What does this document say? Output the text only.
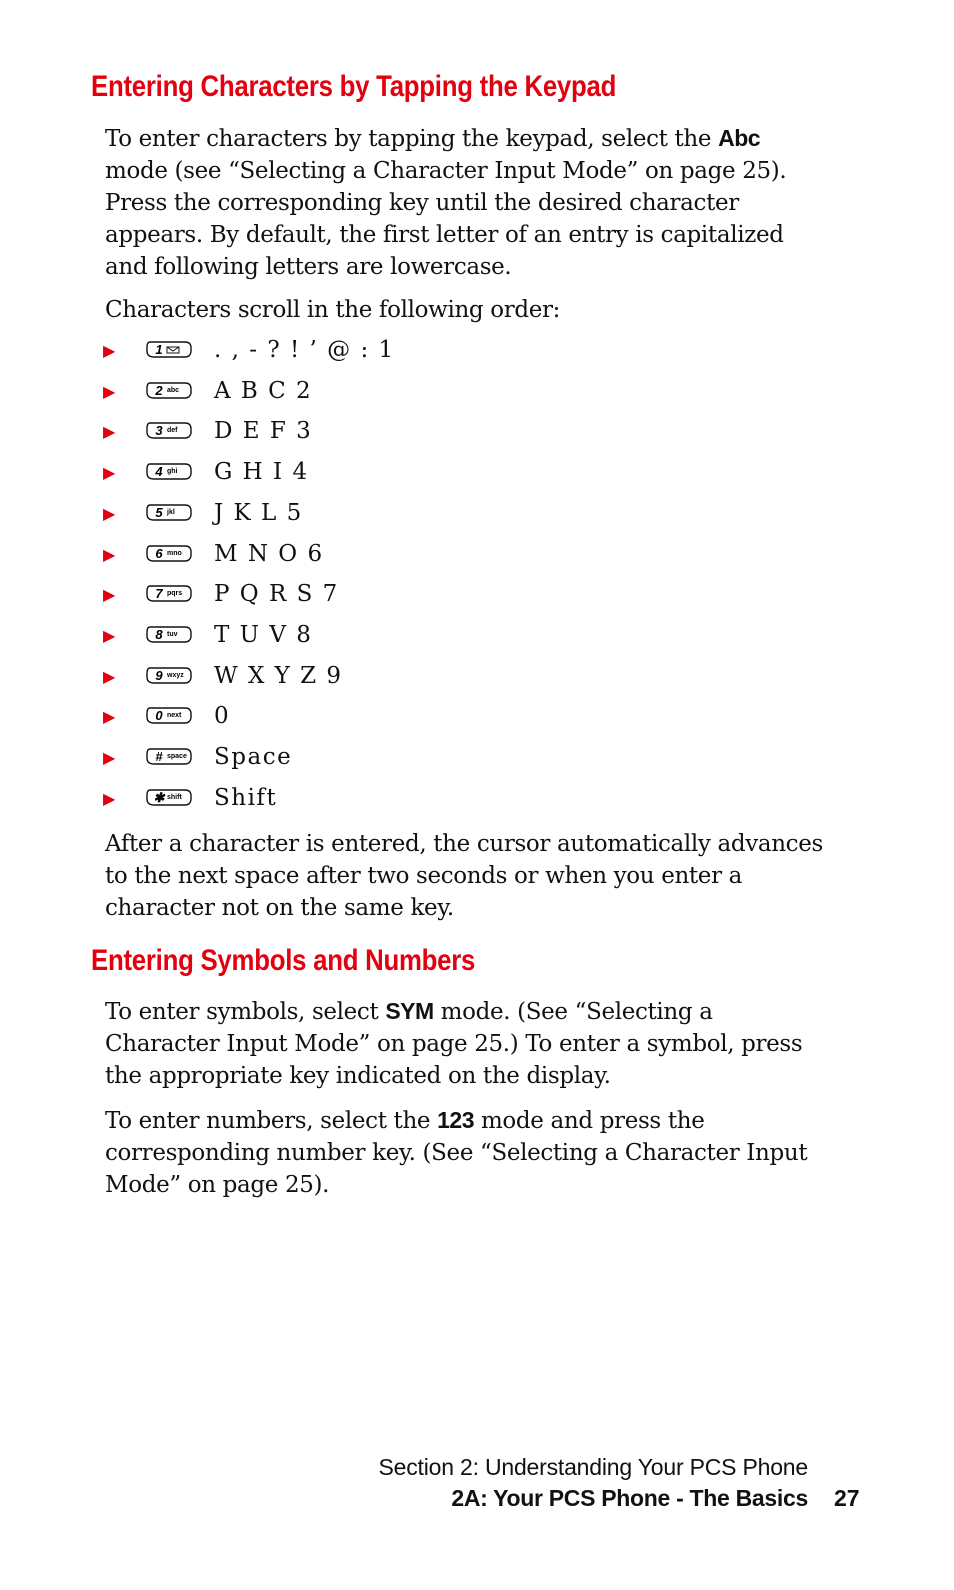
Entering Characters by Tapping the Keypad

To enter characters by tapping the keypad, select the Abc mode (see “Selecting a Character Input Mode” on page 25). Press the corresponding key until the desired character appears. By default, the first letter of an entry is capitalized and following letters are lowercase.

Characters scroll in the following order:

▶	1 . , - ? ! ’ @ : 1
▶	2 abc A B C 2
▶	3 def D E F 3
▶	4 ghi G H I 4
▶	5 jkl J K L 5
▶	6 mno M N O 6
▶	7 pqrs P Q R S 7
▶	8 tuv T U V 8
▶	9 wxyz W X Y Z 9
▶	0 next 0
▶	# space Space
▶	✱ shift Shift

After a character is entered, the cursor automatically advances to the next space after two seconds or when you enter a character not on the same key.

Entering Symbols and Numbers

To enter symbols, select SYM mode. (See “Selecting a Character Input Mode” on page 25.) To enter a symbol, press the appropriate key indicated on the display.

To enter numbers, select the 123 mode and press the corresponding number key. (See “Selecting a Character Input Mode” on page 25).

Section 2: Understanding Your PCS Phone
2A: Your PCS Phone - The Basics 27
